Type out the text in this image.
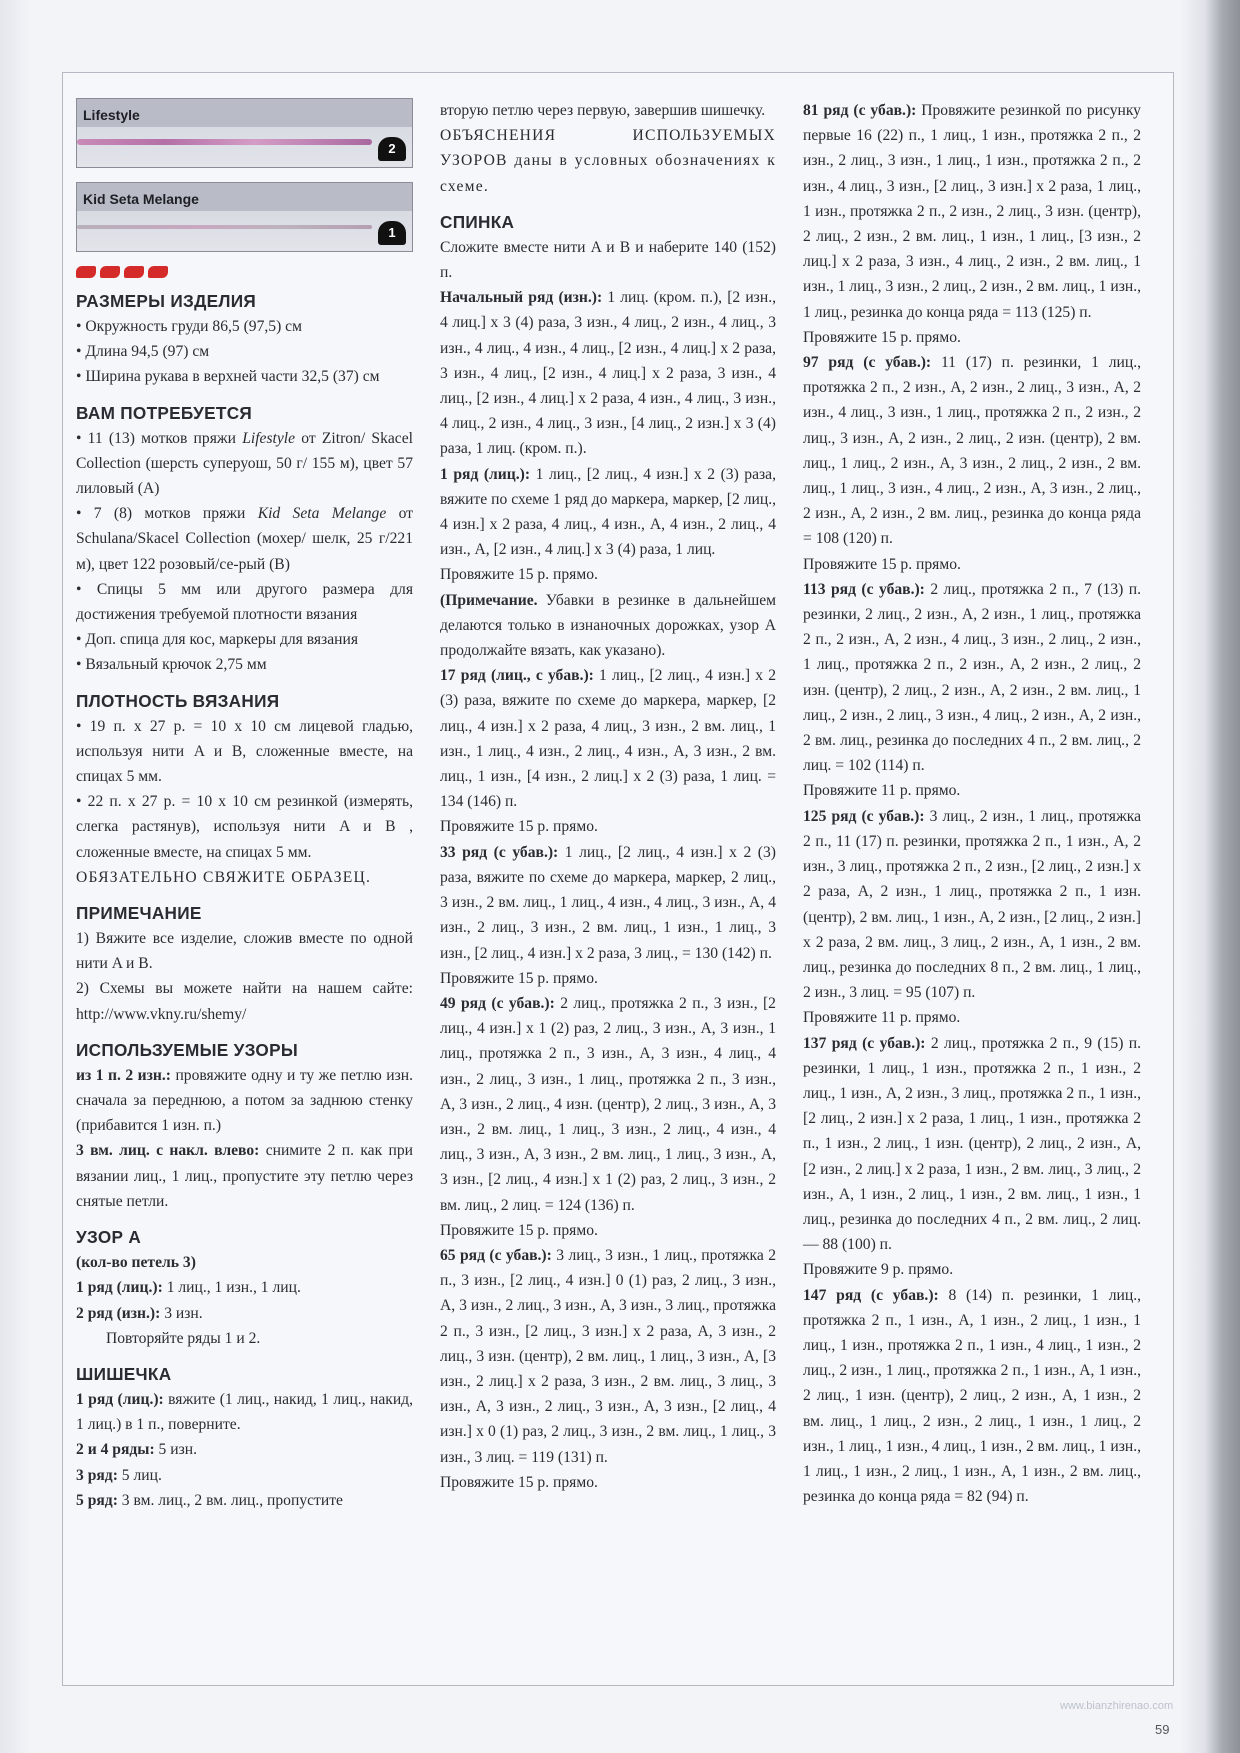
Lifestyle
2
Kid Seta Melange
1
РАЗМЕРЫ ИЗДЕЛИЯ

• Окружность груди 86,5 (97,5) см

• Длина 94,5 (97) см

• Ширина рукава в верхней части 32,5 (37) см

ВАМ ПОТРЕБУЕТСЯ

• 11 (13) мотков пряжи Lifestyle от Zitron/ Skacel Collection (шерсть суперуош, 50 г/ 155 м), цвет 57 лиловый (A)

• 7 (8) мотков пряжи Kid Seta Melange от Schulana/Skacel Collection (мохер/ шелк, 25 г/221 м), цвет 122 розовый/се-рый (B)

• Спицы 5 мм или другого размера для достижения требуемой плотности вязания

• Доп. спица для кос, маркеры для вязания

• Вязальный крючок 2,75 мм

ПЛОТНОСТЬ ВЯЗАНИЯ

• 19 п. х 27 р. = 10 х 10 см лицевой гладью, используя нити A и B, сложенные вместе, на спицах 5 мм.

• 22 п. х 27 р. = 10 х 10 см резинкой (измерять, слегка растянув), используя нити A и B , сложенные вместе, на спицах 5 мм.

ОБЯЗАТЕЛЬНО СВЯЖИТЕ ОБРАЗЕЦ.

ПРИМЕЧАНИЕ

1) Вяжите все изделие, сложив вместе по одной нити A и B.

2) Схемы вы можете найти на нашем сайте: http://www.vkny.ru/shemy/

ИСПОЛЬЗУЕМЫЕ УЗОРЫ

из 1 п. 2 изн.: провяжите одну и ту же петлю изн. сначала за переднюю, а потом за заднюю стенку (прибавится 1 изн. п.)

3 вм. лиц. с накл. влево: снимите 2 п. как при вязании лиц., 1 лиц., пропустите эту петлю через снятые петли.

УЗОР А

(кол-во петель 3)

1 ряд (лиц.): 1 лиц., 1 изн., 1 лиц.

2 ряд (изн.): 3 изн.

Повторяйте ряды 1 и 2.

ШИШЕЧКА

1 ряд (лиц.): вяжите (1 лиц., накид, 1 лиц., накид, 1 лиц.) в 1 п., поверните.

2 и 4 ряды: 5 изн.

3 ряд: 5 лиц.

5 ряд: 3 вм. лиц., 2 вм. лиц., пропустите

вторую петлю через первую, завершив шишечку.

ОБЪЯСНЕНИЯ ИСПОЛЬЗУЕМЫХ УЗОРОВ даны в условных обозначениях к схеме.

СПИНКА

Сложите вместе нити A и B и наберите 140 (152) п.

Начальный ряд (изн.): 1 лиц. (кром. п.), [2 изн., 4 лиц.] х 3 (4) раза, 3 изн., 4 лиц., 2 изн., 4 лиц., 3 изн., 4 лиц., 4 изн., 4 лиц., [2 изн., 4 лиц.] х 2 раза, 3 изн., 4 лиц., [2 изн., 4 лиц.] х 2 раза, 3 изн., 4 лиц., [2 изн., 4 лиц.] х 2 раза, 4 изн., 4 лиц., 3 изн., 4 лиц., 2 изн., 4 лиц., 3 изн., [4 лиц., 2 изн.] х 3 (4) раза, 1 лиц. (кром. п.).

1 ряд (лиц.): 1 лиц., [2 лиц., 4 изн.] х 2 (3) раза, вяжите по схеме 1 ряд до маркера, маркер, [2 лиц., 4 изн.] х 2 раза, 4 лиц., 4 изн., A, 4 изн., 2 лиц., 4 изн., A, [2 изн., 4 лиц.] х 3 (4) раза, 1 лиц.

Провяжите 15 р. прямо.

(Примечание. Убавки в резинке в дальнейшем делаются только в изнаночных дорожках, узор А продолжайте вязать, как указано).

17 ряд (лиц., с убав.): 1 лиц., [2 лиц., 4 изн.] х 2 (3) раза, вяжите по схеме до маркера, маркер, [2 лиц., 4 изн.] х 2 раза, 4 лиц., 3 изн., 2 вм. лиц., 1 изн., 1 лиц., 4 изн., 2 лиц., 4 изн., A, 3 изн., 2 вм. лиц., 1 изн., [4 изн., 2 лиц.] х 2 (3) раза, 1 лиц. = 134 (146) п.

Провяжите 15 р. прямо.

33 ряд (с убав.): 1 лиц., [2 лиц., 4 изн.] х 2 (3) раза, вяжите по схеме до маркера, маркер, 2 лиц., 3 изн., 2 вм. лиц., 1 лиц., 4 изн., 4 лиц., 3 изн., A, 4 изн., 2 лиц., 3 изн., 2 вм. лиц., 1 изн., 1 лиц., 3 изн., [2 лиц., 4 изн.] х 2 раза, 3 лиц., = 130 (142) п.

Провяжите 15 р. прямо.

49 ряд (с убав.): 2 лиц., протяжка 2 п., 3 изн., [2 лиц., 4 изн.] х 1 (2) раз, 2 лиц., 3 изн., A, 3 изн., 1 лиц., протяжка 2 п., 3 изн., A, 3 изн., 4 лиц., 4 изн., 2 лиц., 3 изн., 1 лиц., протяжка 2 п., 3 изн., A, 3 изн., 2 лиц., 4 изн. (центр), 2 лиц., 3 изн., A, 3 изн., 2 вм. лиц., 1 лиц., 3 изн., 2 лиц., 4 изн., 4 лиц., 3 изн., A, 3 изн., 2 вм. лиц., 1 лиц., 3 изн., A, 3 изн., [2 лиц., 4 изн.] х 1 (2) раз, 2 лиц., 3 изн., 2 вм. лиц., 2 лиц. = 124 (136) п.

Провяжите 15 р. прямо.

65 ряд (с убав.): 3 лиц., 3 изн., 1 лиц., протяжка 2 п., 3 изн., [2 лиц., 4 изн.] 0 (1) раз, 2 лиц., 3 изн., A, 3 изн., 2 лиц., 3 изн., A, 3 изн., 3 лиц., протяжка 2 п., 3 изн., [2 лиц., 3 изн.] х 2 раза, A, 3 изн., 2 лиц., 3 изн. (центр), 2 вм. лиц., 1 лиц., 3 изн., A, [3 изн., 2 лиц.] х 2 раза, 3 изн., 2 вм. лиц., 3 лиц., 3 изн., A, 3 изн., 2 лиц., 3 изн., A, 3 изн., [2 лиц., 4 изн.] х 0 (1) раз, 2 лиц., 3 изн., 2 вм. лиц., 1 лиц., 3 изн., 3 лиц. = 119 (131) п.

Провяжите 15 р. прямо.

81 ряд (с убав.): Провяжите резинкой по рисунку первые 16 (22) п., 1 лиц., 1 изн., протяжка 2 п., 2 изн., 2 лиц., 3 изн., 1 лиц., 1 изн., протяжка 2 п., 2 изн., 4 лиц., 3 изн., [2 лиц., 3 изн.] х 2 раза, 1 лиц., 1 изн., протяжка 2 п., 2 изн., 2 лиц., 3 изн. (центр), 2 лиц., 2 изн., 2 вм. лиц., 1 изн., 1 лиц., [3 изн., 2 лиц.] х 2 раза, 3 изн., 4 лиц., 2 изн., 2 вм. лиц., 1 изн., 1 лиц., 3 изн., 2 лиц., 2 изн., 2 вм. лиц., 1 изн., 1 лиц., резинка до конца ряда = 113 (125) п.

Провяжите 15 р. прямо.

97 ряд (с убав.): 11 (17) п. резинки, 1 лиц., протяжка 2 п., 2 изн., A, 2 изн., 2 лиц., 3 изн., A, 2 изн., 4 лиц., 3 изн., 1 лиц., протяжка 2 п., 2 изн., 2 лиц., 3 изн., A, 2 изн., 2 лиц., 2 изн. (центр), 2 вм. лиц., 1 лиц., 2 изн., A, 3 изн., 2 лиц., 2 изн., 2 вм. лиц., 1 лиц., 3 изн., 4 лиц., 2 изн., A, 3 изн., 2 лиц., 2 изн., A, 2 изн., 2 вм. лиц., резинка до конца ряда = 108 (120) п.

Провяжите 15 р. прямо.

113 ряд (с убав.): 2 лиц., протяжка 2 п., 7 (13) п. резинки, 2 лиц., 2 изн., A, 2 изн., 1 лиц., протяжка 2 п., 2 изн., A, 2 изн., 4 лиц., 3 изн., 2 лиц., 2 изн., 1 лиц., протяжка 2 п., 2 изн., A, 2 изн., 2 лиц., 2 изн. (центр), 2 лиц., 2 изн., A, 2 изн., 2 вм. лиц., 1 лиц., 2 изн., 2 лиц., 3 изн., 4 лиц., 2 изн., A, 2 изн., 2 вм. лиц., резинка до последних 4 п., 2 вм. лиц., 2 лиц. = 102 (114) п.

Провяжите 11 р. прямо.

125 ряд (с убав.): 3 лиц., 2 изн., 1 лиц., протяжка 2 п., 11 (17) п. резинки, протяжка 2 п., 1 изн., A, 2 изн., 3 лиц., протяжка 2 п., 2 изн., [2 лиц., 2 изн.] х 2 раза, A, 2 изн., 1 лиц., протяжка 2 п., 1 изн. (центр), 2 вм. лиц., 1 изн., A, 2 изн., [2 лиц., 2 изн.] х 2 раза, 2 вм. лиц., 3 лиц., 2 изн., A, 1 изн., 2 вм. лиц., резинка до последних 8 п., 2 вм. лиц., 1 лиц., 2 изн., 3 лиц. = 95 (107) п.

Провяжите 11 р. прямо.

137 ряд (с убав.): 2 лиц., протяжка 2 п., 9 (15) п. резинки, 1 лиц., 1 изн., протяжка 2 п., 1 изн., 2 лиц., 1 изн., A, 2 изн., 3 лиц., протяжка 2 п., 1 изн., [2 лиц., 2 изн.] х 2 раза, 1 лиц., 1 изн., протяжка 2 п., 1 изн., 2 лиц., 1 изн. (центр), 2 лиц., 2 изн., A, [2 изн., 2 лиц.] х 2 раза, 1 изн., 2 вм. лиц., 3 лиц., 2 изн., A, 1 изн., 2 лиц., 1 изн., 2 вм. лиц., 1 изн., 1 лиц., резинка до последних 4 п., 2 вм. лиц., 2 лиц. — 88 (100) п.

Провяжите 9 р. прямо.

147 ряд (с убав.): 8 (14) п. резинки, 1 лиц., протяжка 2 п., 1 изн., A, 1 изн., 2 лиц., 1 изн., 1 лиц., 1 изн., протяжка 2 п., 1 изн., 4 лиц., 1 изн., 2 лиц., 2 изн., 1 лиц., протяжка 2 п., 1 изн., A, 1 изн., 2 лиц., 1 изн. (центр), 2 лиц., 2 изн., A, 1 изн., 2 вм. лиц., 1 лиц., 2 изн., 2 лиц., 1 изн., 1 лиц., 2 изн., 1 лиц., 1 изн., 4 лиц., 1 изн., 2 вм. лиц., 1 изн., 1 лиц., 1 изн., 2 лиц., 1 изн., A, 1 изн., 2 вм. лиц., резинка до конца ряда = 82 (94) п.

59
www.bianzhirenao.com
